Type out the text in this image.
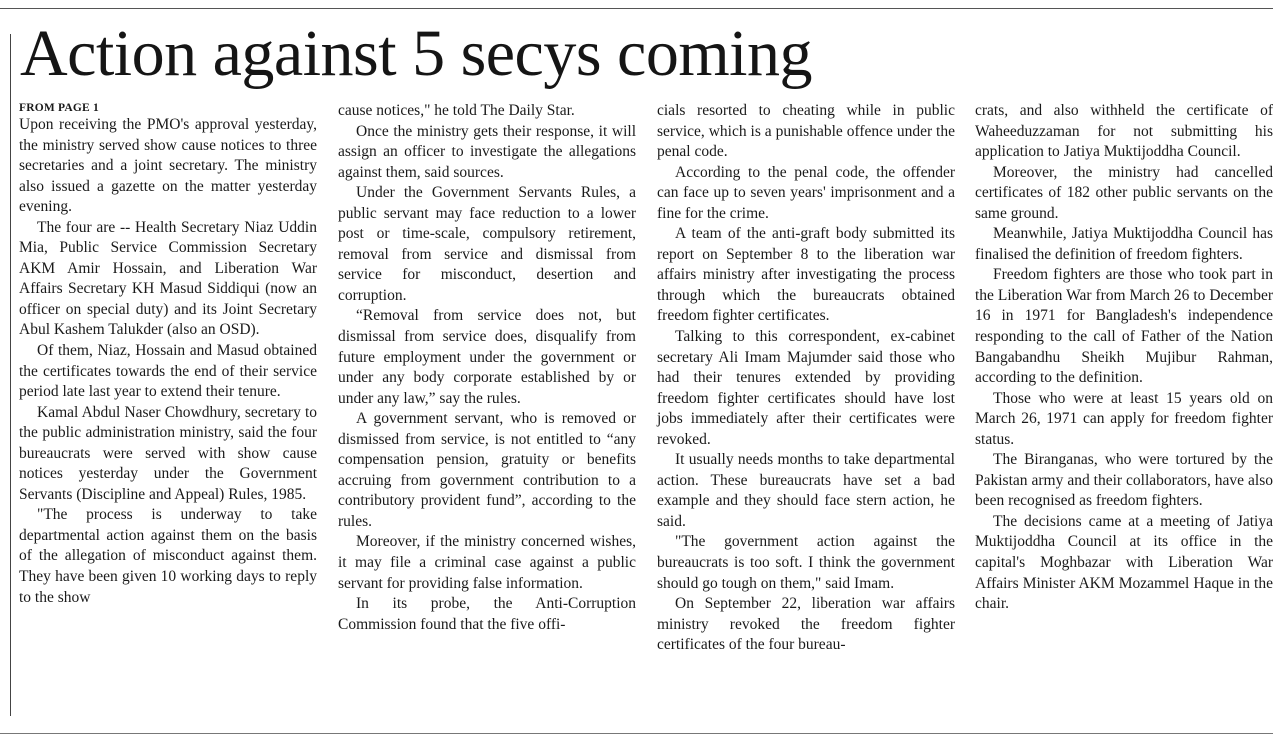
Action against 5 secys coming
FROM PAGE 1

Upon receiving the PMO's approval yesterday, the ministry served show cause notices to three secretaries and a joint secretary. The ministry also issued a gazette on the matter yesterday evening.

The four are -- Health Secretary Niaz Uddin Mia, Public Service Commission Secretary AKM Amir Hossain, and Liberation War Affairs Secretary KH Masud Siddiqui (now an officer on special duty) and its Joint Secretary Abul Kashem Talukder (also an OSD).

Of them, Niaz, Hossain and Masud obtained the certificates towards the end of their service period late last year to extend their tenure.

Kamal Abdul Naser Chowdhury, secretary to the public administration ministry, said the four bureaucrats were served with show cause notices yesterday under the Government Servants (Discipline and Appeal) Rules, 1985.

"The process is underway to take departmental action against them on the basis of the allegation of misconduct against them. They have been given 10 working days to reply to the show

cause notices," he told The Daily Star.

Once the ministry gets their response, it will assign an officer to investigate the allegations against them, said sources.

Under the Government Servants Rules, a public servant may face reduction to a lower post or time-scale, compulsory retirement, removal from service and dismissal from service for misconduct, desertion and corruption.

“Removal from service does not, but dismissal from service does, disqualify from future employment under the government or under any body corporate established by or under any law,” say the rules.

A government servant, who is removed or dismissed from service, is not entitled to “any compensation pension, gratuity or benefits accruing from government contribution to a contributory provident fund”, according to the rules.

Moreover, if the ministry concerned wishes, it may file a criminal case against a public servant for providing false information.

In its probe, the Anti-Corruption Commission found that the five offi-

cials resorted to cheating while in public service, which is a punishable offence under the penal code.

According to the penal code, the offender can face up to seven years' imprisonment and a fine for the crime.

A team of the anti-graft body submitted its report on September 8 to the liberation war affairs ministry after investigating the process through which the bureaucrats obtained freedom fighter certificates.

Talking to this correspondent, ex-cabinet secretary Ali Imam Majumder said those who had their tenures extended by providing freedom fighter certificates should have lost jobs immediately after their certificates were revoked.

It usually needs months to take departmental action. These bureaucrats have set a bad example and they should face stern action, he said.

"The government action against the bureaucrats is too soft. I think the government should go tough on them," said Imam.

On September 22, liberation war affairs ministry revoked the freedom fighter certificates of the four bureau-

crats, and also withheld the certificate of Waheeduzzaman for not submitting his application to Jatiya Muktijoddha Council.

Moreover, the ministry had cancelled certificates of 182 other public servants on the same ground.

Meanwhile, Jatiya Muktijoddha Council has finalised the definition of freedom fighters.

Freedom fighters are those who took part in the Liberation War from March 26 to December 16 in 1971 for Bangladesh's independence responding to the call of Father of the Nation Bangabandhu Sheikh Mujibur Rahman, according to the definition.

Those who were at least 15 years old on March 26, 1971 can apply for freedom fighter status.

The Biranganas, who were tortured by the Pakistan army and their collaborators, have also been recognised as freedom fighters.

The decisions came at a meeting of Jatiya Muktijoddha Council at its office in the capital's Moghbazar with Liberation War Affairs Minister AKM Mozammel Haque in the chair.
